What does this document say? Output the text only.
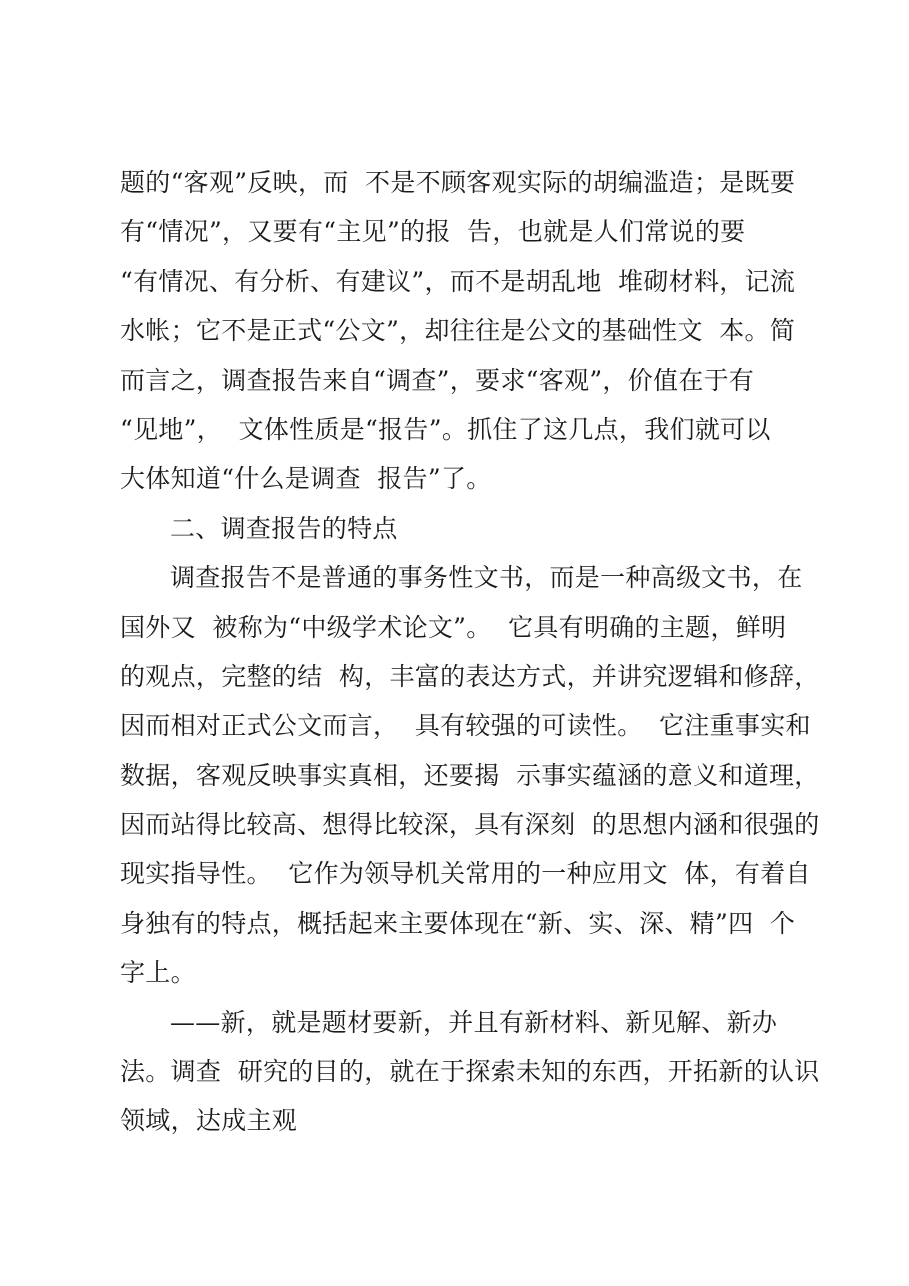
题的“客观”反映，而  不是不顾客观实际的胡编滥造；是既要
有“情况”，又要有“主见”的报  告，也就是人们常说的要
“有情况、有分析、有建议”，而不是胡乱地  堆砌材料，记流
水帐；它不是正式“公文”，却往往是公文的基础性文  本。简
而言之，调查报告来自“调查”，要求“客观”，价值在于有
“见地”，  文体性质是“报告”。抓住了这几点，我们就可以
大体知道“什么是调查  报告”了。
二、调查报告的特点
调查报告不是普通的事务性文书，而是一种高级文书，在
国外又  被称为“中级学术论文”。  它具有明确的主题，鲜明
的观点，完整的结  构，丰富的表达方式，并讲究逻辑和修辞，
因而相对正式公文而言，  具有较强的可读性。  它注重事实和
数据，客观反映事实真相，还要揭  示事实蕴涵的意义和道理，
因而站得比较高、想得比较深，具有深刻  的思想内涵和很强的
现实指导性。  它作为领导机关常用的一种应用文  体，有着自
身独有的特点，概括起来主要体现在“新、实、深、精”四  个
字上。
——新，就是题材要新，并且有新材料、新见解、新办
法。调查  研究的目的，就在于探索未知的东西，开拓新的认识
领域，达成主观
